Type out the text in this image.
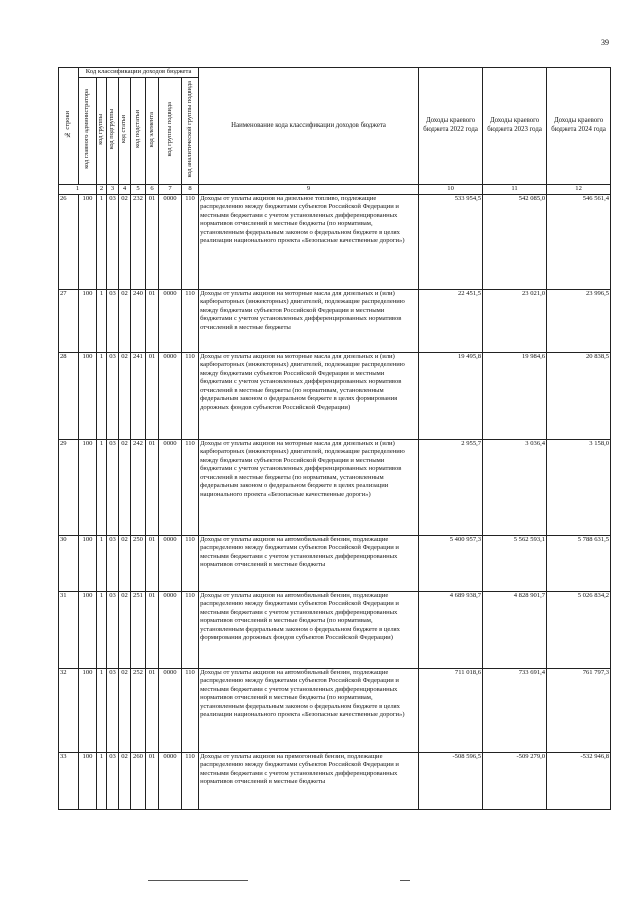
39
№ строки	Код классификации доходов бюджета								Наименование кода классификации доходов бюджета	Доходы краевого бюджета 2022 года	Доходы краевого бюджета 2023 года	Доходы краевого бюджета 2024 года
	код главного администратора	код группы	код подгруппы	код статьи	код подстатьи	код элемента	код группы подвида	код аналитической группы подвида				
1		2	3	4	5	6	7	8	9	10	11	12
26	100	1	03	02	232	01	0000	110	Доходы от уплаты акцизов на дизельное топливо, подлежащие распределению между бюджетами субъектов Российской Федерации и местными бюджетами с учетом установленных дифференцированных нормативов отчислений в местные бюджеты (по нормативам, установленным федеральным законом о федеральном бюджете в целях реализации национального проекта «Безопасные качественные дороги»)	533 954,5	542 085,0	546 561,4
27	100	1	03	02	240	01	0000	110	Доходы от уплаты акцизов на моторные масла для дизельных и (или) карбюраторных (инжекторных) двигателей, подлежащие распределению между бюджетами субъектов Российской Федерации и местными бюджетами с учетом установленных дифференцированных нормативов отчислений в местные бюджеты	22 451,5	23 021,0	23 996,5
28	100	1	03	02	241	01	0000	110	Доходы от уплаты акцизов на моторные масла для дизельных и (или) карбюраторных (инжекторных) двигателей, подлежащие распределению между бюджетами субъектов Российской Федерации и местными бюджетами с учетом установленных дифференцированных нормативов отчислений в местные бюджеты (по нормативам, установленным федеральным законом о федеральном бюджете в целях формирования дорожных фондов субъектов Российской Федерации)	19 495,8	19 984,6	20 838,5
29	100	1	03	02	242	01	0000	110	Доходы от уплаты акцизов на моторные масла для дизельных и (или) карбюраторных (инжекторных) двигателей, подлежащие распределению между бюджетами субъектов Российской Федерации и местными бюджетами с учетом установленных дифференцированных нормативов отчислений в местные бюджеты (по нормативам, установленным федеральным законом о федеральном бюджете в целях реализации национального проекта «Безопасные качественные дороги»)	2 955,7	3 036,4	3 158,0
30	100	1	03	02	250	01	0000	110	Доходы от уплаты акцизов на автомобильный бензин, подлежащие распределению между бюджетами субъектов Российской Федерации и местными бюджетами с учетом установленных дифференцированных нормативов отчислений в местные бюджеты	5 400 957,3	5 562 593,1	5 788 631,5
31	100	1	03	02	251	01	0000	110	Доходы от уплаты акцизов на автомобильный бензин, подлежащие распределению между бюджетами субъектов Российской Федерации и местными бюджетами с учетом установленных дифференцированных нормативов отчислений в местные бюджеты (по нормативам, установленным федеральным законом о федеральном бюджете в целях формирования дорожных фондов субъектов Российской Федерации)	4 689 938,7	4 828 901,7	5 026 834,2
32	100	1	03	02	252	01	0000	110	Доходы от уплаты акцизов на автомобильный бензин, подлежащие распределению между бюджетами субъектов Российской Федерации и местными бюджетами с учетом установленных дифференцированных нормативов отчислений в местные бюджеты (по нормативам, установленным федеральным законом о федеральном бюджете в целях реализации национального проекта «Безопасные качественные дороги»)	711 018,6	733 691,4	761 797,3
33	100	1	03	02	260	01	0000	110	Доходы от уплаты акцизов на прямогонный бензин, подлежащие распределению между бюджетами субъектов Российской Федерации и местными бюджетами с учетом установленных дифференцированных нормативов отчислений в местные бюджеты	-508 596,5	-509 279,0	-532 946,8
